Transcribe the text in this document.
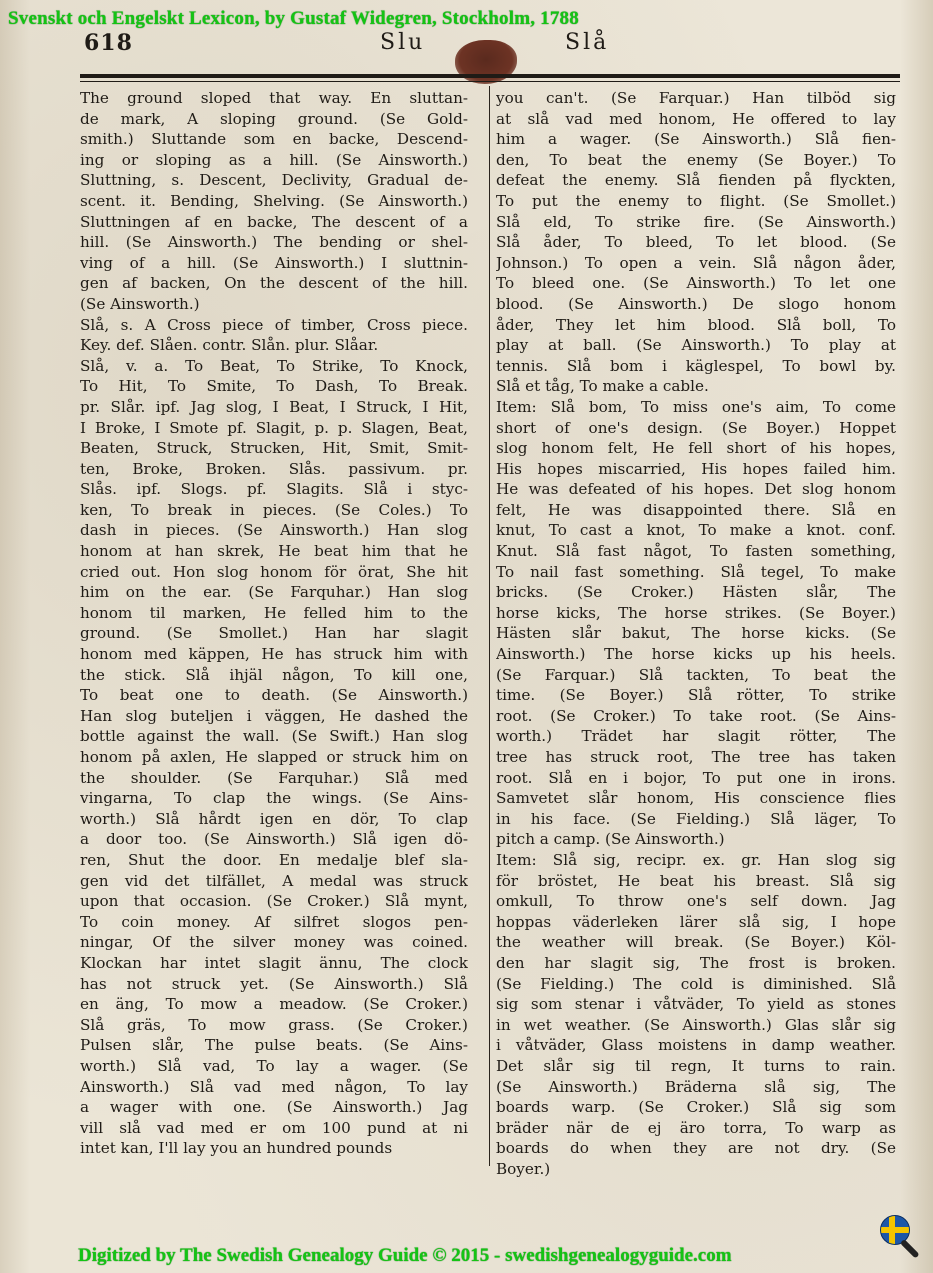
Svenskt och Engelskt Lexicon, by Gustaf Widegren, Stockholm, 1788
618	Slu	Slå
The ground sloped that way. En sluttan-
de mark, A sloping ground. (Se Gold-
smith.) Sluttande som en backe, Descend-
ing or sloping as a hill. (Se Ainsworth.)
Sluttning, s. Descent, Declivity, Gradual de-
scent. it. Bending, Shelving. (Se Ainsworth.)
Sluttningen af en backe, The descent of a
hill. (Se Ainsworth.) The bending or shel-
ving of a hill. (Se Ainsworth.) I sluttnin-
gen af backen, On the descent of the hill.
(Se Ainsworth.)
Slå, s. A Cross piece of timber, Cross piece.
Key. def. Slåen. contr. Slån. plur. Slåar.
Slå, v. a. To Beat, To Strike, To Knock,
To Hit, To Smite, To Dash, To Break.
pr. Slår. ipf. Jag slog, I Beat, I Struck, I Hit,
I Broke, I Smote pf. Slagit, p. p. Slagen, Beat,
Beaten, Struck, Strucken, Hit, Smit, Smit-
ten, Broke, Broken. Slås. passivum. pr.
Slås. ipf. Slogs. pf. Slagits. Slå i styc-
ken, To break in pieces. (Se Coles.) To
dash in pieces. (Se Ainsworth.) Han slog
honom at han skrek, He beat him that he
cried out. Hon slog honom för örat, She hit
him on the ear. (Se Farquhar.) Han slog
honom til marken, He felled him to the
ground. (Se Smollet.) Han har slagit
honom med käppen, He has struck him with
the stick. Slå ihjäl någon, To kill one,
To beat one to death. (Se Ainsworth.)
Han slog buteljen i väggen, He dashed the
bottle against the wall. (Se Swift.) Han slog
honom på axlen, He slapped or struck him on
the shoulder. (Se Farquhar.) Slå med
vingarna, To clap the wings. (Se Ains-
worth.) Slå hårdt igen en dör, To clap
a door too. (Se Ainsworth.) Slå igen dö-
ren, Shut the door. En medalje blef sla-
gen vid det tilfället, A medal was struck
upon that occasion. (Se Croker.) Slå mynt,
To coin money. Af silfret slogos pen-
ningar, Of the silver money was coined.
Klockan har intet slagit ännu, The clock
has not struck yet. (Se Ainsworth.) Slå
en äng, To mow a meadow. (Se Croker.)
Slå gräs, To mow grass. (Se Croker.)
Pulsen slår, The pulse beats. (Se Ains-
worth.) Slå vad, To lay a wager. (Se
Ainsworth.) Slå vad med någon, To lay
a wager with one. (Se Ainsworth.) Jag
vill slå vad med er om 100 pund at ni
intet kan, I'll lay you an hundred pounds
you can't. (Se Farquar.) Han tilböd sig
at slå vad med honom, He offered to lay
him a wager. (Se Ainsworth.) Slå fien-
den, To beat the enemy (Se Boyer.) To
defeat the enemy. Slå fienden på flyckten,
To put the enemy to flight. (Se Smollet.)
Slå eld, To strike fire. (Se Ainsworth.)
Slå åder, To bleed, To let blood. (Se
Johnson.) To open a vein. Slå någon åder,
To bleed one. (Se Ainsworth.) To let one
blood. (Se Ainsworth.) De slogo honom
åder, They let him blood. Slå boll, To
play at ball. (Se Ainsworth.) To play at
tennis. Slå bom i käglespel, To bowl by.
Slå et tåg, To make a cable.
Item: Slå bom, To miss one's aim, To come
short of one's design. (Se Boyer.) Hoppet
slog honom felt, He fell short of his hopes,
His hopes miscarried, His hopes failed him.
He was defeated of his hopes. Det slog honom
felt, He was disappointed there. Slå en
knut, To cast a knot, To make a knot. conf.
Knut. Slå fast något, To fasten something,
To nail fast something. Slå tegel, To make
bricks. (Se Croker.) Hästen slår, The
horse kicks, The horse strikes. (Se Boyer.)
Hästen slår bakut, The horse kicks. (Se
Ainsworth.) The horse kicks up his heels.
(Se Farquar.) Slå tackten, To beat the
time. (Se Boyer.) Slå rötter, To strike
root. (Se Croker.) To take root. (Se Ains-
worth.) Trädet har slagit rötter, The
tree has struck root, The tree has taken
root. Slå en i bojor, To put one in irons.
Samvetet slår honom, His conscience flies
in his face. (Se Fielding.) Slå läger, To
pitch a camp. (Se Ainsworth.)
Item: Slå sig, recipr. ex. gr. Han slog sig
för bröstet, He beat his breast. Slå sig
omkull, To throw one's self down. Jag
hoppas väderleken lärer slå sig, I hope
the weather will break. (Se Boyer.) Köl-
den har slagit sig, The frost is broken.
(Se Fielding.) The cold is diminished. Slå
sig som stenar i våtväder, To yield as stones
in wet weather. (Se Ainsworth.) Glas slår sig
i våtväder, Glass moistens in damp weather.
Det slår sig til regn, It turns to rain.
(Se Ainsworth.) Bräderna slå sig, The
boards warp. (Se Croker.) Slå sig som
bräder när de ej äro torra, To warp as
boards do when they are not dry. (Se
Boyer.)
Digitized by The Swedish Genealogy Guide © 2015 - swedishgenealogyguide.com
